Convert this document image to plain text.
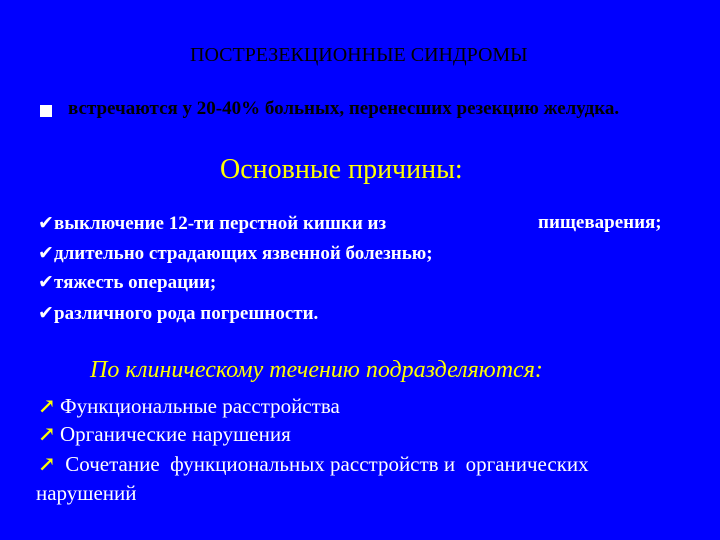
ПОСТРЕЗЕКЦИОННЫЕ СИНДРОМЫ
встречаются у 20-40% больных, перенесших резекцию желудка.
Основные причины:
✔выключение 12-ти перстной кишки из	пищеварения;
✔длительно страдающих язвенной болезнью;
✔тяжесть операции;
✔различного рода погрешности.
По клиническому течению подразделяются:
↗ Функциональные расстройства
↗ Органические нарушения
↗ Сочетание  функциональных расстройств и  органических
нарушений
